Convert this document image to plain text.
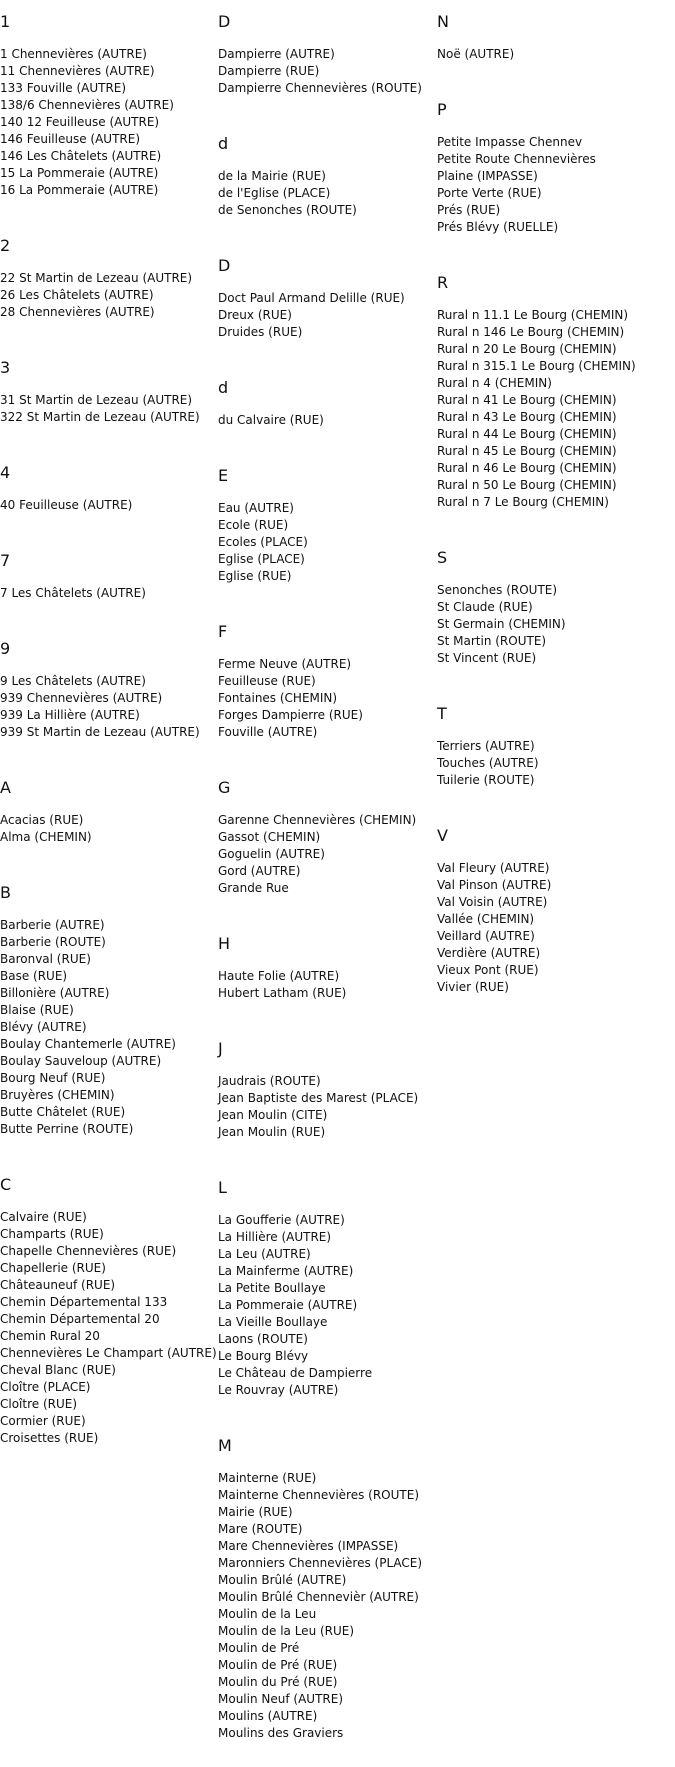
1
1 Chennevières (AUTRE)
11 Chennevières (AUTRE)
133 Fouville (AUTRE)
138/6 Chennevières (AUTRE)
140 12 Feuilleuse (AUTRE)
146 Feuilleuse (AUTRE)
146 Les Châtelets (AUTRE)
15 La Pommeraie (AUTRE)
16 La Pommeraie (AUTRE)
2
22 St Martin de Lezeau (AUTRE)
26 Les Châtelets (AUTRE)
28 Chennevières (AUTRE)
3
31 St Martin de Lezeau (AUTRE)
322 St Martin de Lezeau (AUTRE)
4
40 Feuilleuse (AUTRE)
7
7 Les Châtelets (AUTRE)
9
9 Les Châtelets (AUTRE)
939 Chennevières (AUTRE)
939 La Hillière (AUTRE)
939 St Martin de Lezeau (AUTRE)
A
Acacias (RUE)
Alma (CHEMIN)
B
Barberie (AUTRE)
Barberie (ROUTE)
Baronval (RUE)
Base (RUE)
Billonière (AUTRE)
Blaise (RUE)
Blévy (AUTRE)
Boulay Chantemerle (AUTRE)
Boulay Sauveloup (AUTRE)
Bourg Neuf (RUE)
Bruyères (CHEMIN)
Butte Châtelet (RUE)
Butte Perrine (ROUTE)
C
Calvaire (RUE)
Champarts (RUE)
Chapelle Chennevières (RUE)
Chapellerie (RUE)
Châteauneuf (RUE)
Chemin Départemental 133
Chemin Départemental 20
Chemin Rural 20
Chennevières Le Champart (AUTRE)
Cheval Blanc (RUE)
Cloître (PLACE)
Cloître (RUE)
Cormier (RUE)
Croisettes (RUE)
D
Dampierre (AUTRE)
Dampierre (RUE)
Dampierre Chennevières (ROUTE)
d
de la Mairie (RUE)
de l'Eglise (PLACE)
de Senonches (ROUTE)
D
Doct Paul Armand Delille (RUE)
Dreux (RUE)
Druides (RUE)
d
du Calvaire (RUE)
E
Eau (AUTRE)
Ecole (RUE)
Ecoles (PLACE)
Eglise (PLACE)
Eglise (RUE)
F
Ferme Neuve (AUTRE)
Feuilleuse (RUE)
Fontaines (CHEMIN)
Forges Dampierre (RUE)
Fouville (AUTRE)
G
Garenne Chennevières (CHEMIN)
Gassot (CHEMIN)
Goguelin (AUTRE)
Gord (AUTRE)
Grande Rue
H
Haute Folie (AUTRE)
Hubert Latham (RUE)
J
Jaudrais (ROUTE)
Jean Baptiste des Marest (PLACE)
Jean Moulin (CITE)
Jean Moulin (RUE)
L
La Goufferie (AUTRE)
La Hillière (AUTRE)
La Leu (AUTRE)
La Mainferme (AUTRE)
La Petite Boullaye
La Pommeraie (AUTRE)
La Vieille Boullaye
Laons (ROUTE)
Le Bourg Blévy
Le Château de Dampierre
Le Rouvray (AUTRE)
M
Mainterne (RUE)
Mainterne Chennevières (ROUTE)
Mairie (RUE)
Mare (ROUTE)
Mare Chennevières (IMPASSE)
Maronniers Chennevières (PLACE)
Moulin Brûlé (AUTRE)
Moulin Brûlé Chennevièr (AUTRE)
Moulin de la Leu
Moulin de la Leu (RUE)
Moulin de Pré
Moulin de Pré (RUE)
Moulin du Pré (RUE)
Moulin Neuf (AUTRE)
Moulins (AUTRE)
Moulins des Graviers
N
Noë (AUTRE)
P
Petite Impasse Chennev
Petite Route Chennevières
Plaine (IMPASSE)
Porte Verte (RUE)
Prés (RUE)
Prés Blévy (RUELLE)
R
Rural n 11.1 Le Bourg (CHEMIN)
Rural n 146 Le Bourg (CHEMIN)
Rural n 20 Le Bourg (CHEMIN)
Rural n 315.1 Le Bourg (CHEMIN)
Rural n 4 (CHEMIN)
Rural n 41 Le Bourg (CHEMIN)
Rural n 43 Le Bourg (CHEMIN)
Rural n 44 Le Bourg (CHEMIN)
Rural n 45 Le Bourg (CHEMIN)
Rural n 46 Le Bourg (CHEMIN)
Rural n 50 Le Bourg (CHEMIN)
Rural n 7 Le Bourg (CHEMIN)
S
Senonches (ROUTE)
St Claude (RUE)
St Germain (CHEMIN)
St Martin (ROUTE)
St Vincent (RUE)
T
Terriers (AUTRE)
Touches (AUTRE)
Tuilerie (ROUTE)
V
Val Fleury (AUTRE)
Val Pinson (AUTRE)
Val Voisin (AUTRE)
Vallée (CHEMIN)
Veillard (AUTRE)
Verdière (AUTRE)
Vieux Pont (RUE)
Vivier (RUE)
